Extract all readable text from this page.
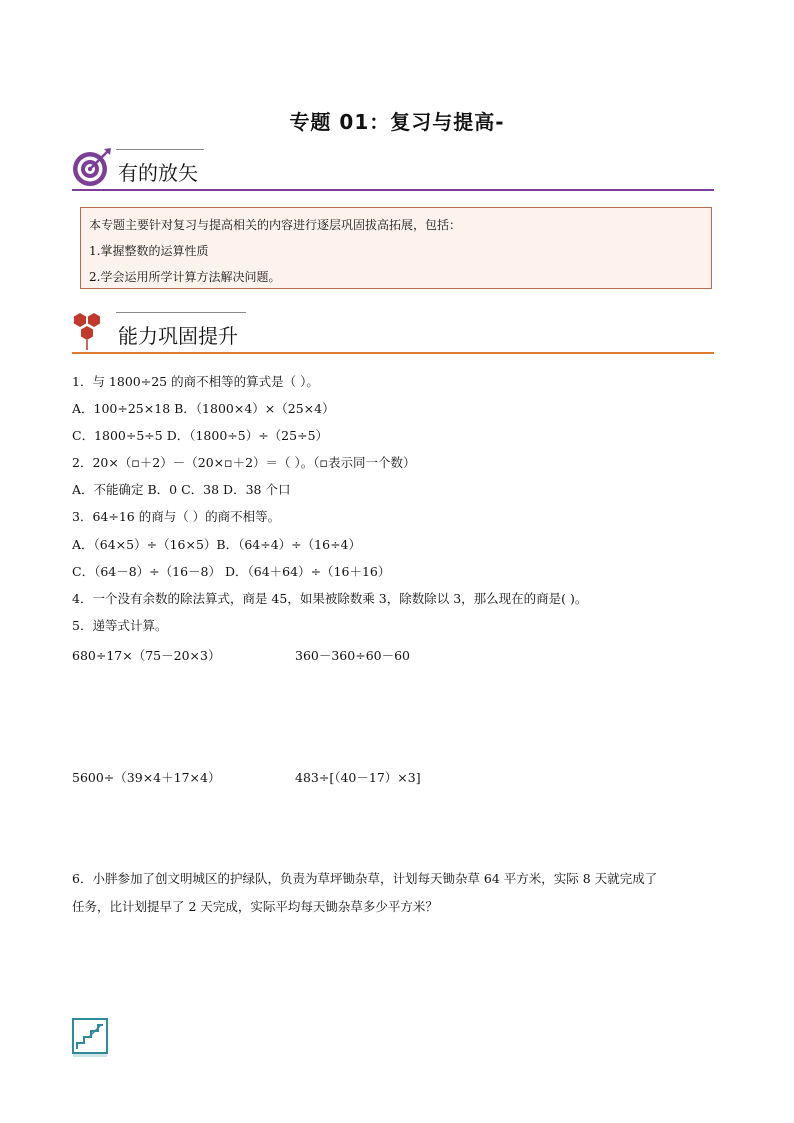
专题 01：复习与提高-
有的放矢
本专题主要针对复习与提高相关的内容进行逐层巩固拔高拓展，包括：
1.掌握整数的运算性质
2.学会运用所学计算方法解决问题。
能力巩固提升
1．与 1800÷25 的商不相等的算式是（ ）。
A．100÷25×18 B．（1800×4）×（25×4）
C．1800÷5÷5 D．（1800÷5）÷（25÷5）
2．20×（▫＋2）－（20×▫＋2）＝（ ）。（▫表示同一个数）
A．不能确定 B．0 C．38 D．38 个口
3．64÷16 的商与（ ）的商不相等。
A．（64×5）÷（16×5）B．（64÷4）÷（16÷4）
C．（64－8）÷（16－8） D．（64＋64）÷（16＋16）
4．一个没有余数的除法算式，商是 45，如果被除数乘 3，除数除以 3，那么现在的商是( )。
5．递等式计算。
680÷17×（75－20×3）	360－360÷60－60
5600÷（39×4＋17×4）	483÷[（40－17）×3]
6．小胖参加了创文明城区的护绿队，负责为草坪锄杂草，计划每天锄杂草 64 平方米，实际 8 天就完成了
任务，比计划提早了 2 天完成，实际平均每天锄杂草多少平方米？
